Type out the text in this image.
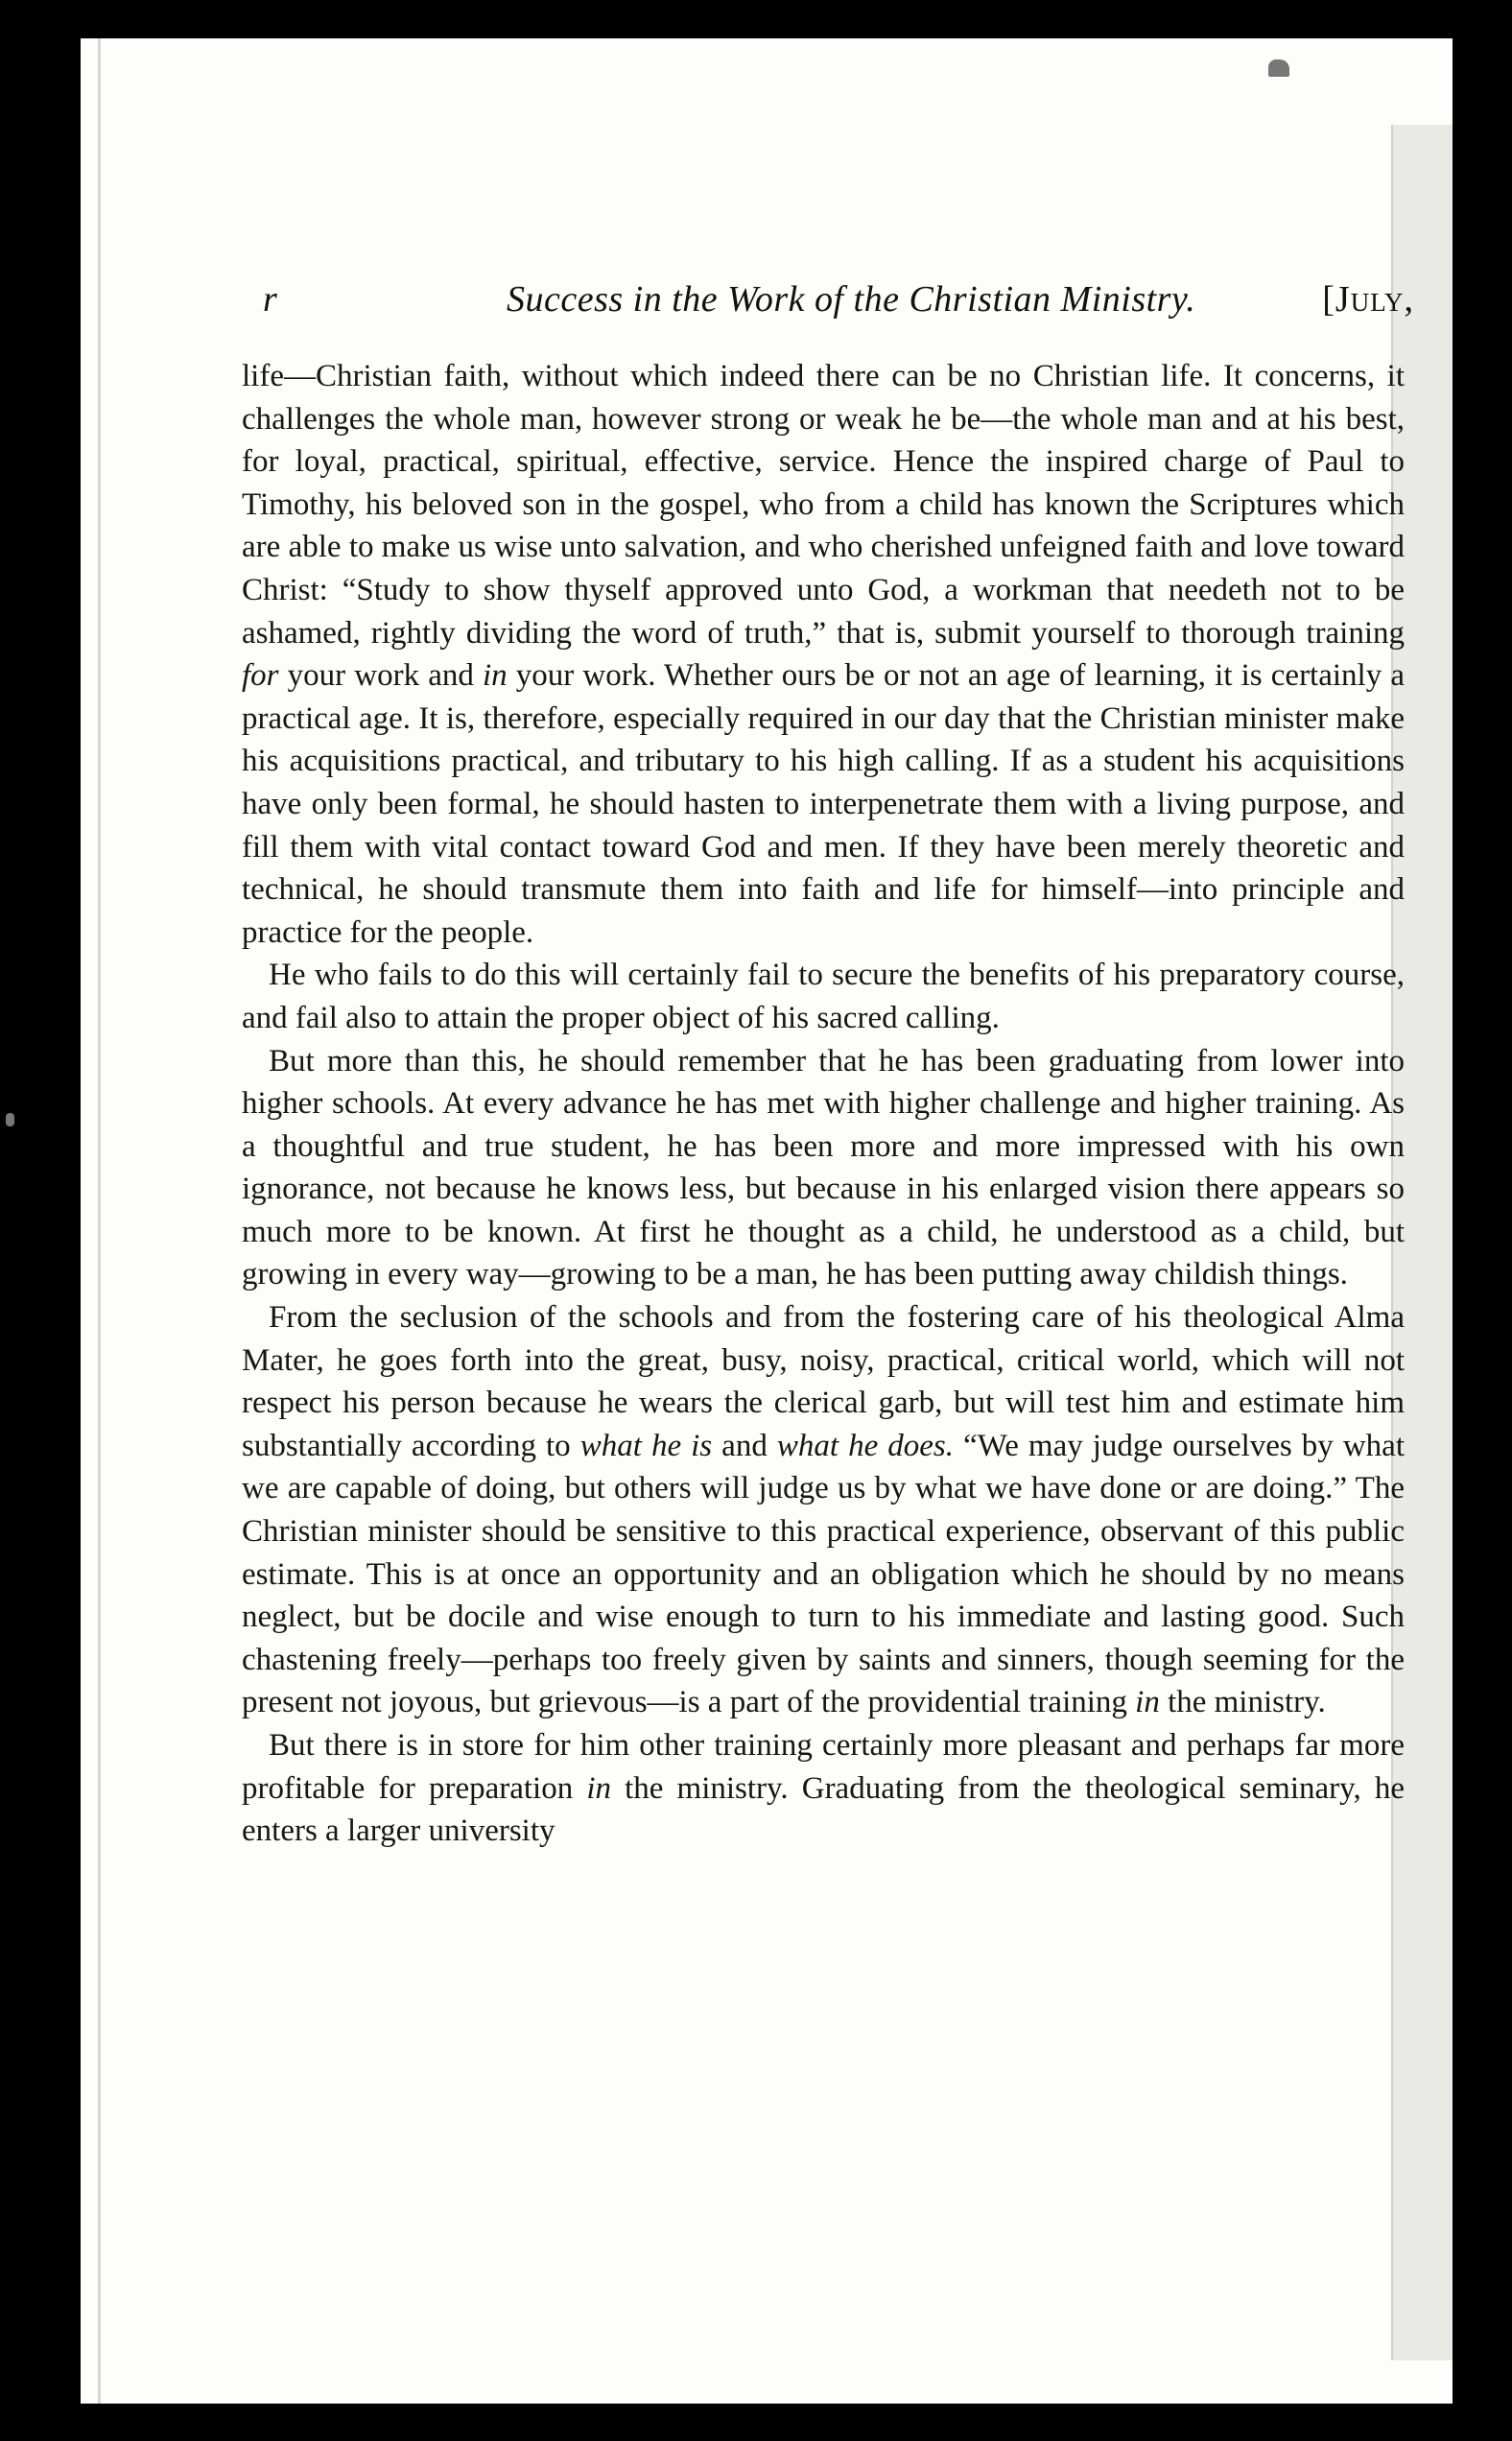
r	Success in the Work of the Christian Ministry.	[July,

life—Christian faith, without which indeed there can be no Christian life. It concerns, it challenges the whole man, however strong or weak he be—the whole man and at his best, for loyal, practical, spiritual, effective, service. Hence the inspired charge of Paul to Timothy, his beloved son in the gospel, who from a child has known the Scriptures which are able to make us wise unto salvation, and who cherished unfeigned faith and love toward Christ: “Study to show thyself approved unto God, a workman that needeth not to be ashamed, rightly dividing the word of truth,” that is, submit yourself to thorough training for your work and in your work. Whether ours be or not an age of learning, it is certainly a practical age. It is, therefore, especially required in our day that the Christian minister make his acquisitions practical, and tributary to his high calling. If as a student his acquisitions have only been formal, he should hasten to interpenetrate them with a living purpose, and fill them with vital contact toward God and men. If they have been merely theoretic and technical, he should transmute them into faith and life for himself—into principle and practice for the people.

He who fails to do this will certainly fail to secure the benefits of his preparatory course, and fail also to attain the proper object of his sacred calling.

But more than this, he should remember that he has been graduating from lower into higher schools. At every advance he has met with higher challenge and higher training. As a thoughtful and true student, he has been more and more impressed with his own ignorance, not because he knows less, but because in his enlarged vision there appears so much more to be known. At first he thought as a child, he understood as a child, but growing in every way—growing to be a man, he has been putting away childish things.

From the seclusion of the schools and from the fostering care of his theological Alma Mater, he goes forth into the great, busy, noisy, practical, critical world, which will not respect his person because he wears the clerical garb, but will test him and estimate him substantially according to what he is and what he does. “We may judge ourselves by what we are capable of doing, but others will judge us by what we have done or are doing.” The Christian minister should be sensitive to this practical experience, observant of this public estimate. This is at once an opportunity and an obligation which he should by no means neglect, but be docile and wise enough to turn to his immediate and lasting good. Such chastening freely—perhaps too freely given by saints and sinners, though seeming for the present not joyous, but grievous—is a part of the providential training in the ministry.

But there is in store for him other training certainly more pleasant and perhaps far more profitable for preparation in the ministry. Graduating from the theological seminary, he enters a larger university
